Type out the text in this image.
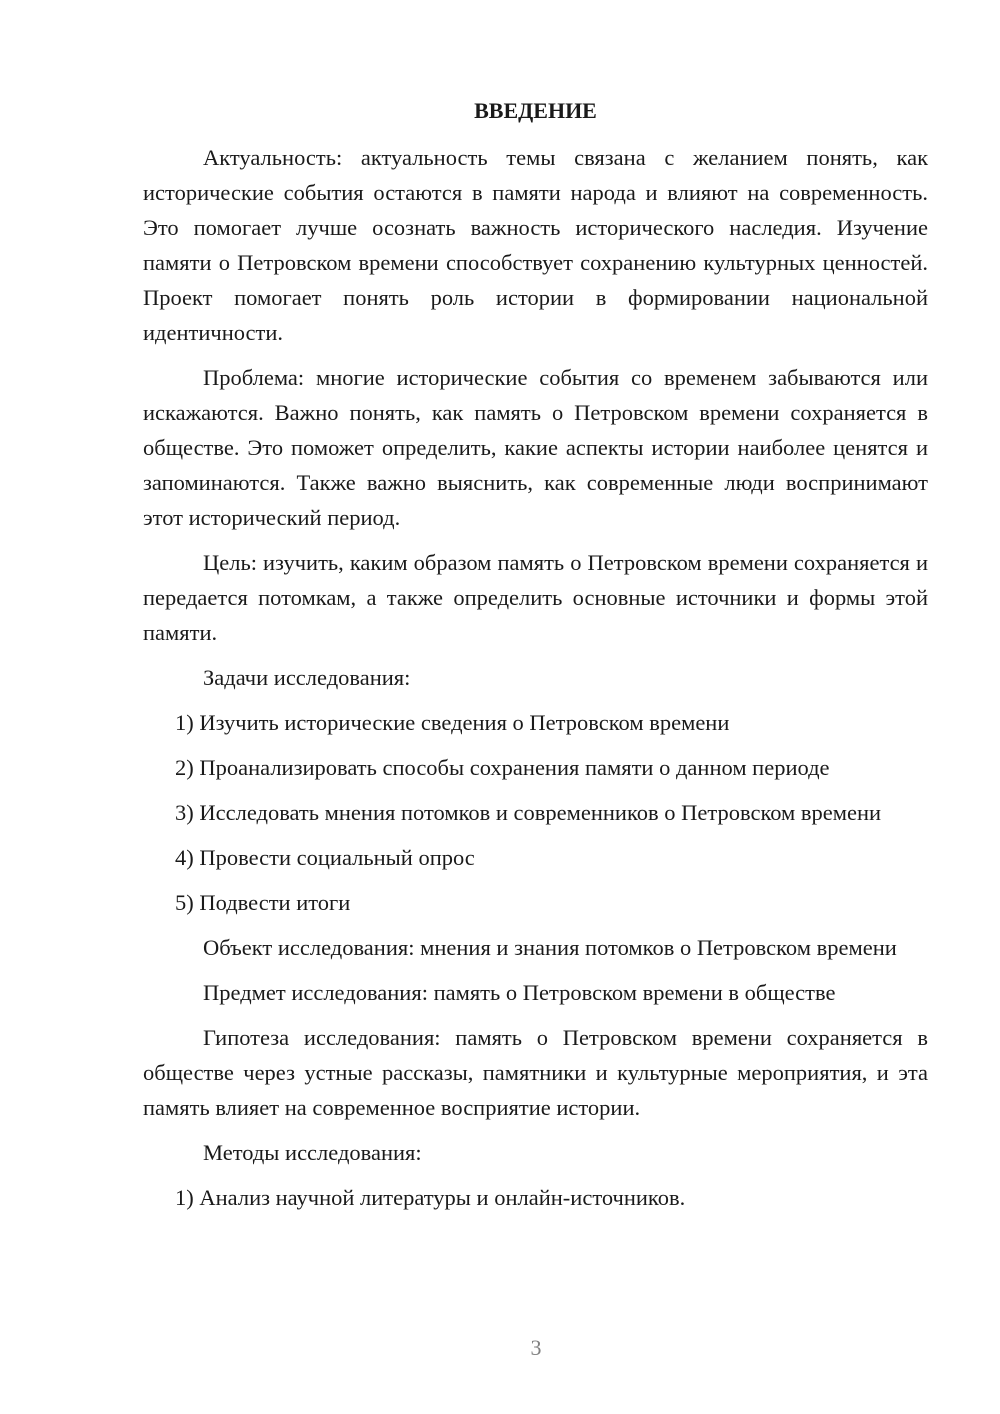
ВВЕДЕНИЕ

Актуальность: актуальность темы связана с желанием понять, как исторические события остаются в памяти народа и влияют на современность. Это помогает лучше осознать важность исторического наследия. Изучение памяти о Петровском времени способствует сохранению культурных ценностей. Проект помогает понять роль истории в формировании национальной идентичности.

Проблема: многие исторические события со временем забываются или искажаются. Важно понять, как память о Петровском времени сохраняется в обществе. Это поможет определить, какие аспекты истории наиболее ценятся и запоминаются. Также важно выяснить, как современные люди воспринимают этот исторический период.

Цель: изучить, каким образом память о Петровском времени сохраняется и передается потомкам, а также определить основные источники и формы этой памяти.

Задачи исследования:

1) Изучить исторические сведения о Петровском времени

2) Проанализировать способы сохранения памяти о данном периоде

3) Исследовать мнения потомков и современников о Петровском времени

4) Провести социальный опрос

5) Подвести итоги

Объект исследования: мнения и знания потомков о Петровском времени

Предмет исследования: память о Петровском времени в обществе

Гипотеза исследования: память о Петровском времени сохраняется в обществе через устные рассказы, памятники и культурные мероприятия, и эта память влияет на современное восприятие истории.

Методы исследования:

1) Анализ научной литературы и онлайн-источников.

3
